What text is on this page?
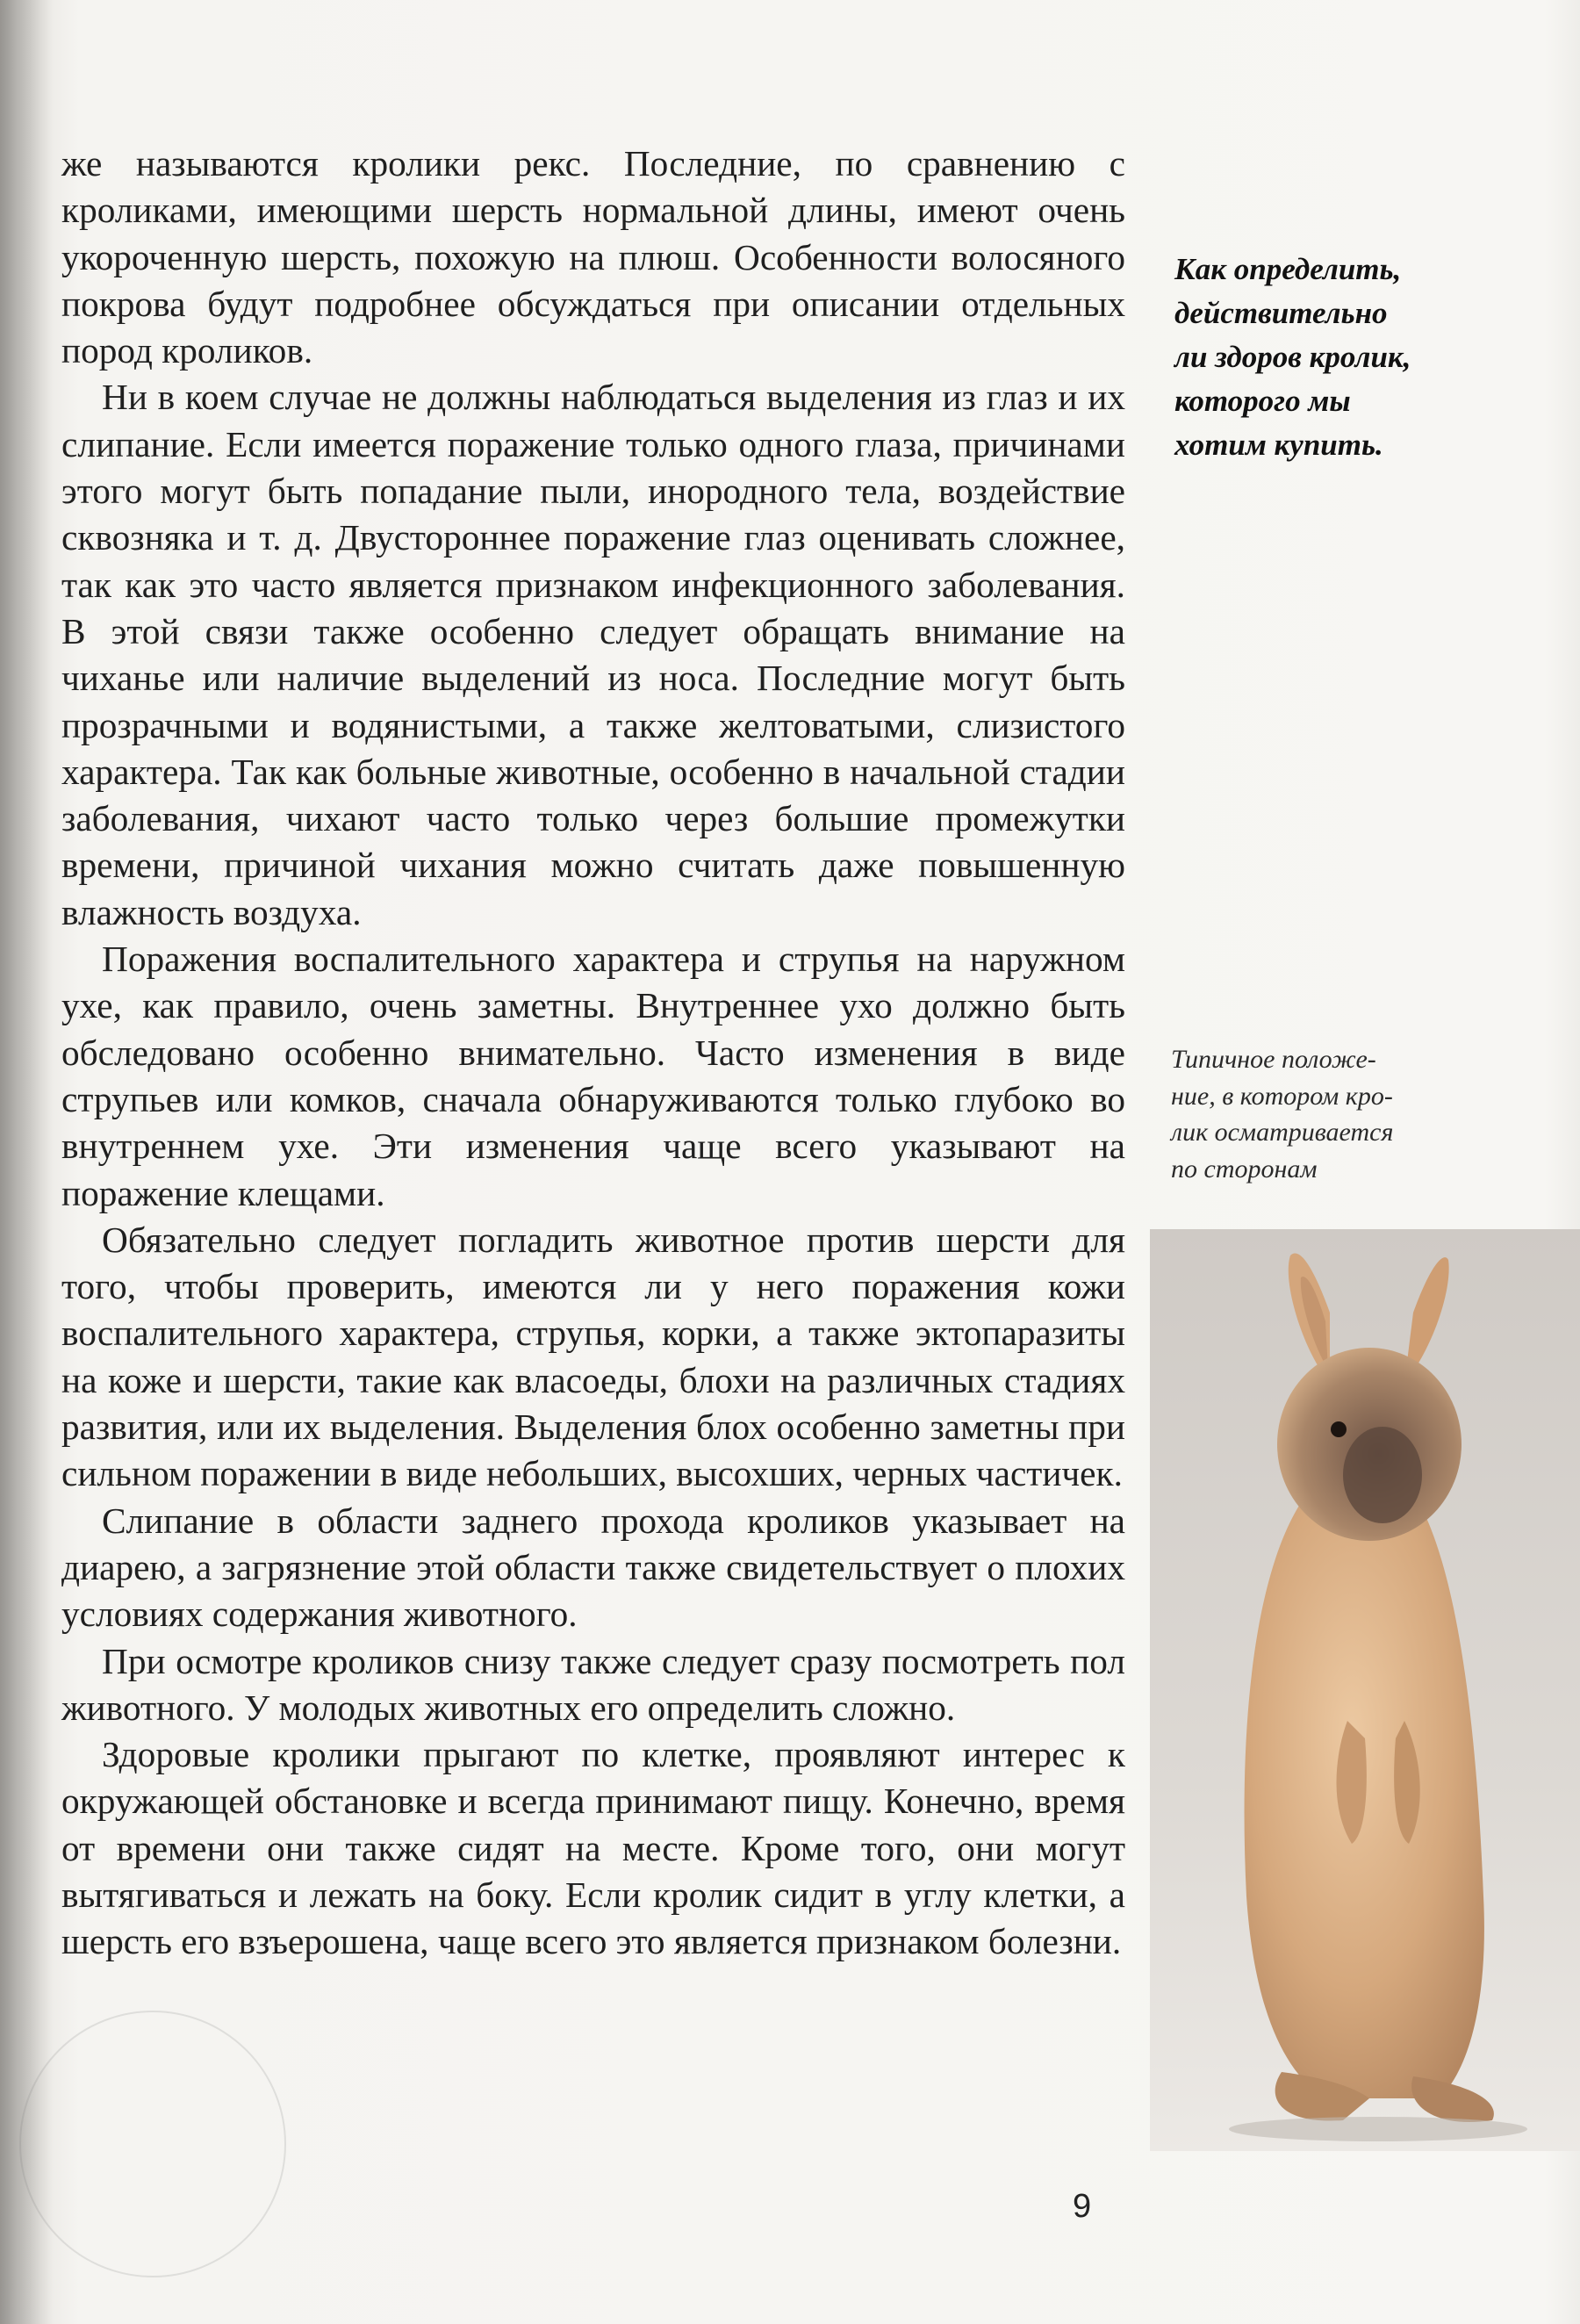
же называются кролики рекс. Последние, по сравнению с кроликами, имеющими шерсть нормальной длины, имеют очень укороченную шерсть, похожую на плюш. Особенности волосяного покрова будут подробнее обсуждаться при описании отдельных пород кроликов.

Ни в коем случае не должны наблюдаться выделения из глаз и их слипание. Если имеется поражение только одного глаза, причинами этого могут быть попадание пыли, инородного тела, воздействие сквозняка и т. д. Двустороннее поражение глаз оценивать сложнее, так как это часто является признаком инфекционного заболевания. В этой связи также особенно следует обращать внимание на чиханье или наличие выделений из носа. Последние могут быть прозрачными и водянистыми, а также желтоватыми, слизистого характера. Так как больные животные, особенно в начальной стадии заболевания, чихают часто только через большие промежутки времени, причиной чихания можно считать даже повышенную влажность воздуха.

Поражения воспалительного характера и струпья на наружном ухе, как правило, очень заметны. Внутреннее ухо должно быть обследовано особенно внимательно. Часто изменения в виде струпьев или комков, сначала обнаруживаются только глубоко во внутреннем ухе. Эти изменения чаще всего указывают на поражение клещами.

Обязательно следует погладить животное против шерсти для того, чтобы проверить, имеются ли у него поражения кожи воспалительного характера, струпья, корки, а также эктопаразиты на коже и шерсти, такие как власоеды, блохи на различных стадиях развития, или их выделения. Выделения блох особенно заметны при сильном поражении в виде небольших, высохших, черных частичек.

Слипание в области заднего прохода кроликов указывает на диарею, а загрязнение этой области также свидетельствует о плохих условиях содержания животного.

При осмотре кроликов снизу также следует сразу посмотреть пол животного. У молодых животных его определить сложно.

Здоровые кролики прыгают по клетке, проявляют интерес к окружающей обстановке и всегда принимают пищу. Конечно, время от времени они также сидят на месте. Кроме того, они могут вытягиваться и лежать на боку. Если кролик сидит в углу клетки, а шерсть его взъерошена, чаще всего это является признаком болезни.

Как определить,
действительно
ли здоров кролик,
которого мы
хотим купить.
Типичное положе-
ние, в котором кро-
лик осматривается
по сторонам
9
